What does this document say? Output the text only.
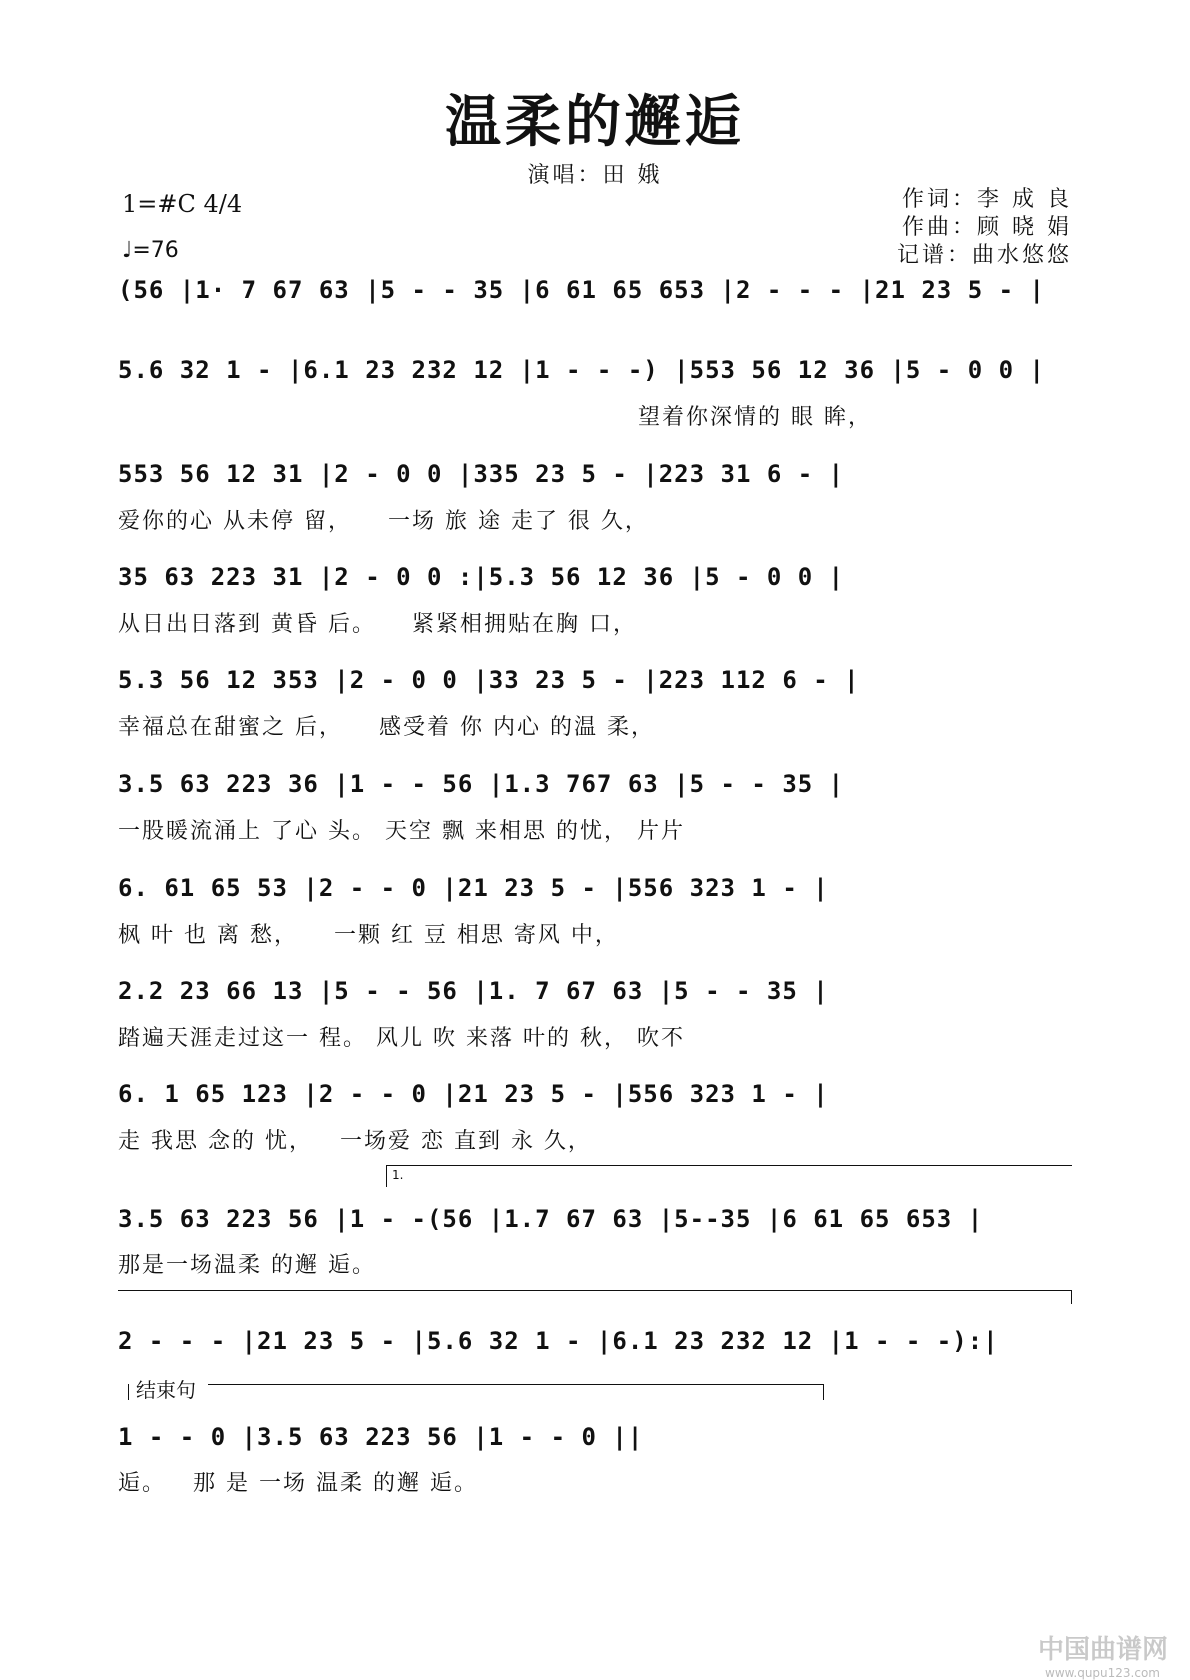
温柔的邂逅
演唱：田 娥
1=#C 4/4
♩=76
作词：李 成 良
作曲：顾 晓 娟
记谱：曲水悠悠
(56 |1· 7 67 63 |5 - - 35 |6 61 65 653 |2 - - - |21 23 5 - |
5.6 32 1 - |6.1 23 232 12 |1 - - -) |553 56 12 36 |5 - 0 0 |
望着你深情的 眼 眸，
553 56 12 31 |2 - 0 0 |335 23 5 - |223 31 6 - |
爱你的心 从未停 留，    一场 旅 途 走了 很 久，
35 63 223 31 |2 - 0 0 :|5.3 56 12 36 |5 - 0 0 |
从日出日落到 黄昏 后。    紧紧相拥贴在胸 口，
5.3 56 12 353 |2 - 0 0 |33 23 5 - |223 112 6 - |
幸福总在甜蜜之 后，    感受着 你 内心 的温 柔，
3.5 63 223 36 |1 - - 56 |1.3 767 63 |5 - - 35 |
一股暖流涌上 了心 头。 天空 飘 来相思 的忧， 片片
6. 61 65 53 |2 - - 0 |21 23 5 - |556 323 1 - |
枫 叶 也 离 愁，    一颗 红 豆 相思 寄风 中，
2.2 23 66 13 |5 - - 56 |1. 7 67 63 |5 - - 35 |
踏遍天涯走过这一 程。 风儿 吹 来落 叶的 秋， 吹不
6. 1 65 123 |2 - - 0 |21 23 5 - |556 323 1 - |
走 我思 念的 忧，   一场爱 恋 直到 永 久，
1.
3.5 63 223 56 |1 - -(56 |1.7 67 63 |5--35 |6 61 65 653 |
那是一场温柔 的邂 逅。
2 - - - |21 23 5 - |5.6 32 1 - |6.1 23 232 12 |1 - - -):|
结束句
1 - - 0 |3.5 63 223 56 |1 - - 0 ||
逅。   那 是 一场 温柔 的邂 逅。
中国曲谱网
www.qupu123.com
